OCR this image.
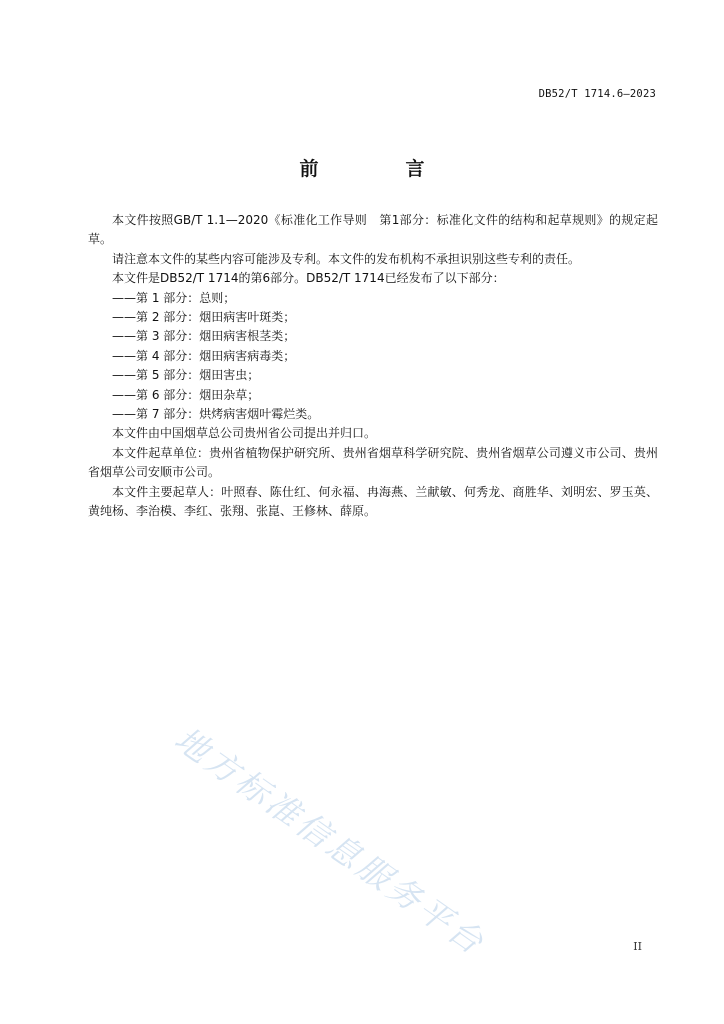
DB52/T 1714.6—2023
前　言

本文件按照GB/T 1.1—2020《标准化工作导则　第1部分：标准化文件的结构和起草规则》的规定起草。

请注意本文件的某些内容可能涉及专利。本文件的发布机构不承担识别这些专利的责任。

本文件是DB52/T 1714的第6部分。DB52/T 1714已经发布了以下部分：

——第 1 部分：总则；

——第 2 部分：烟田病害叶斑类；

——第 3 部分：烟田病害根茎类；

——第 4 部分：烟田病害病毒类；

——第 5 部分：烟田害虫；

——第 6 部分：烟田杂草；

——第 7 部分：烘烤病害烟叶霉烂类。

本文件由中国烟草总公司贵州省公司提出并归口。

本文件起草单位：贵州省植物保护研究所、贵州省烟草科学研究院、贵州省烟草公司遵义市公司、贵州省烟草公司安顺市公司。

本文件主要起草人：叶照春、陈仕红、何永福、冉海燕、兰献敏、何秀龙、商胜华、刘明宏、罗玉英、黄纯杨、李治模、李红、张翔、张崑、王修林、薛原。

地方标准信息服务平台	II
